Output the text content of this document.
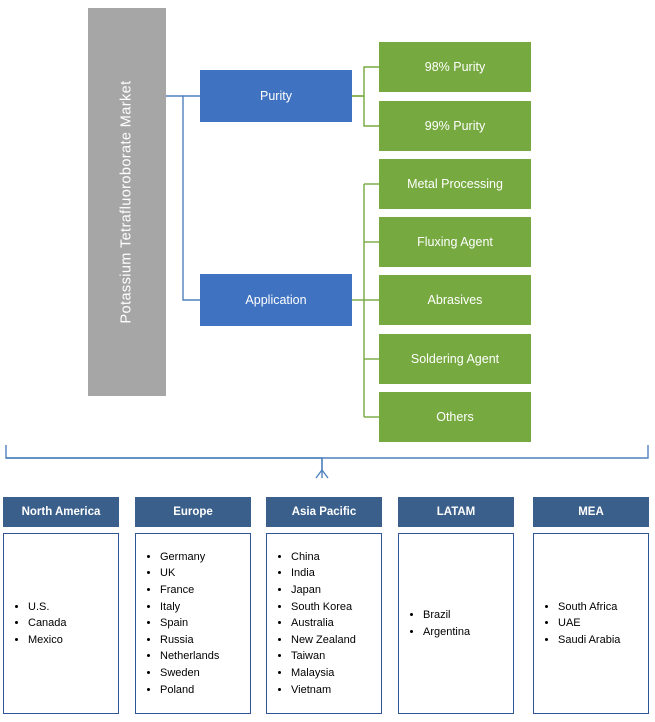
Potassium Tetrafluoroborate Market	Purity
Application
98% Purity
99% Purity
Metal Processing
Fluxing Agent
Abrasives
Soldering Agent
Others
North America
• U.S.
• Canada
• Mexico
Europe
• Germany
• UK
• France
• Italy
• Spain
• Russia
• Netherlands
• Sweden
• Poland
Asia Pacific
• China
• India
• Japan
• South Korea
• Australia
• New Zealand
• Taiwan
• Malaysia
• Vietnam
LATAM
• Brazil
• Argentina
MEA
• South Africa
• UAE
• Saudi Arabia
